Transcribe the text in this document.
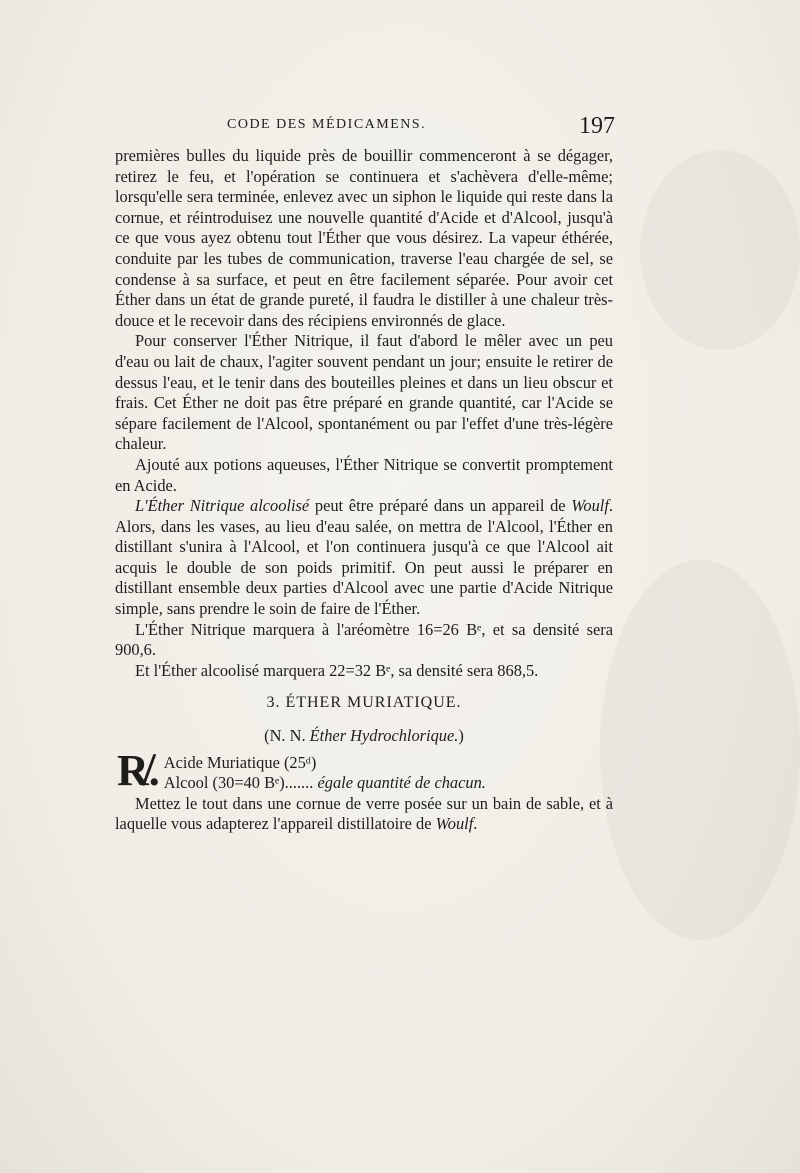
CODE DES MÉDICAMENS.	197

premières bulles du liquide près de bouillir commenceront à se dégager, retirez le feu, et l'opération se continuera et s'achèvera d'elle-même; lorsqu'elle sera terminée, enlevez avec un siphon le liquide qui reste dans la cornue, et réintroduisez une nouvelle quantité d'Acide et d'Alcool, jusqu'à ce que vous ayez obtenu tout l'Éther que vous désirez. La vapeur éthérée, conduite par les tubes de communication, traverse l'eau chargée de sel, se condense à sa surface, et peut en être facilement séparée. Pour avoir cet Éther dans un état de grande pureté, il faudra le distiller à une chaleur très-douce et le recevoir dans des récipiens environnés de glace.

Pour conserver l'Éther Nitrique, il faut d'abord le mêler avec un peu d'eau ou lait de chaux, l'agiter souvent pendant un jour; ensuite le retirer de dessus l'eau, et le tenir dans des bouteilles pleines et dans un lieu obscur et frais. Cet Éther ne doit pas être préparé en grande quantité, car l'Acide se sépare facilement de l'Alcool, spontanément ou par l'effet d'une très-légère chaleur.

Ajouté aux potions aqueuses, l'Éther Nitrique se convertit promptement en Acide.

L'Éther Nitrique alcoolisé peut être préparé dans un appareil de Woulf. Alors, dans les vases, au lieu d'eau salée, on mettra de l'Alcool, l'Éther en distillant s'unira à l'Alcool, et l'on continuera jusqu'à ce que l'Alcool ait acquis le double de son poids primitif. On peut aussi le préparer en distillant ensemble deux parties d'Alcool avec une partie d'Acide Nitrique simple, sans prendre le soin de faire de l'Éther.

L'Éther Nitrique marquera à l'aréomètre 16=26 Bᵉ, et sa densité sera 900,6.

Et l'Éther alcoolisé marquera 22=32 Bᵉ, sa densité sera 868,5.

3. ÉTHER MURIATIQUE.
(N. N. Éther Hydrochlorique.)
R̸. Acide Muriatique (25ᵈ)

Alcool (30=40 Bᵉ)....... égale quantité de chacun.

Mettez le tout dans une cornue de verre posée sur un bain de sable, et à laquelle vous adapterez l'appareil distillatoire de Woulf.
